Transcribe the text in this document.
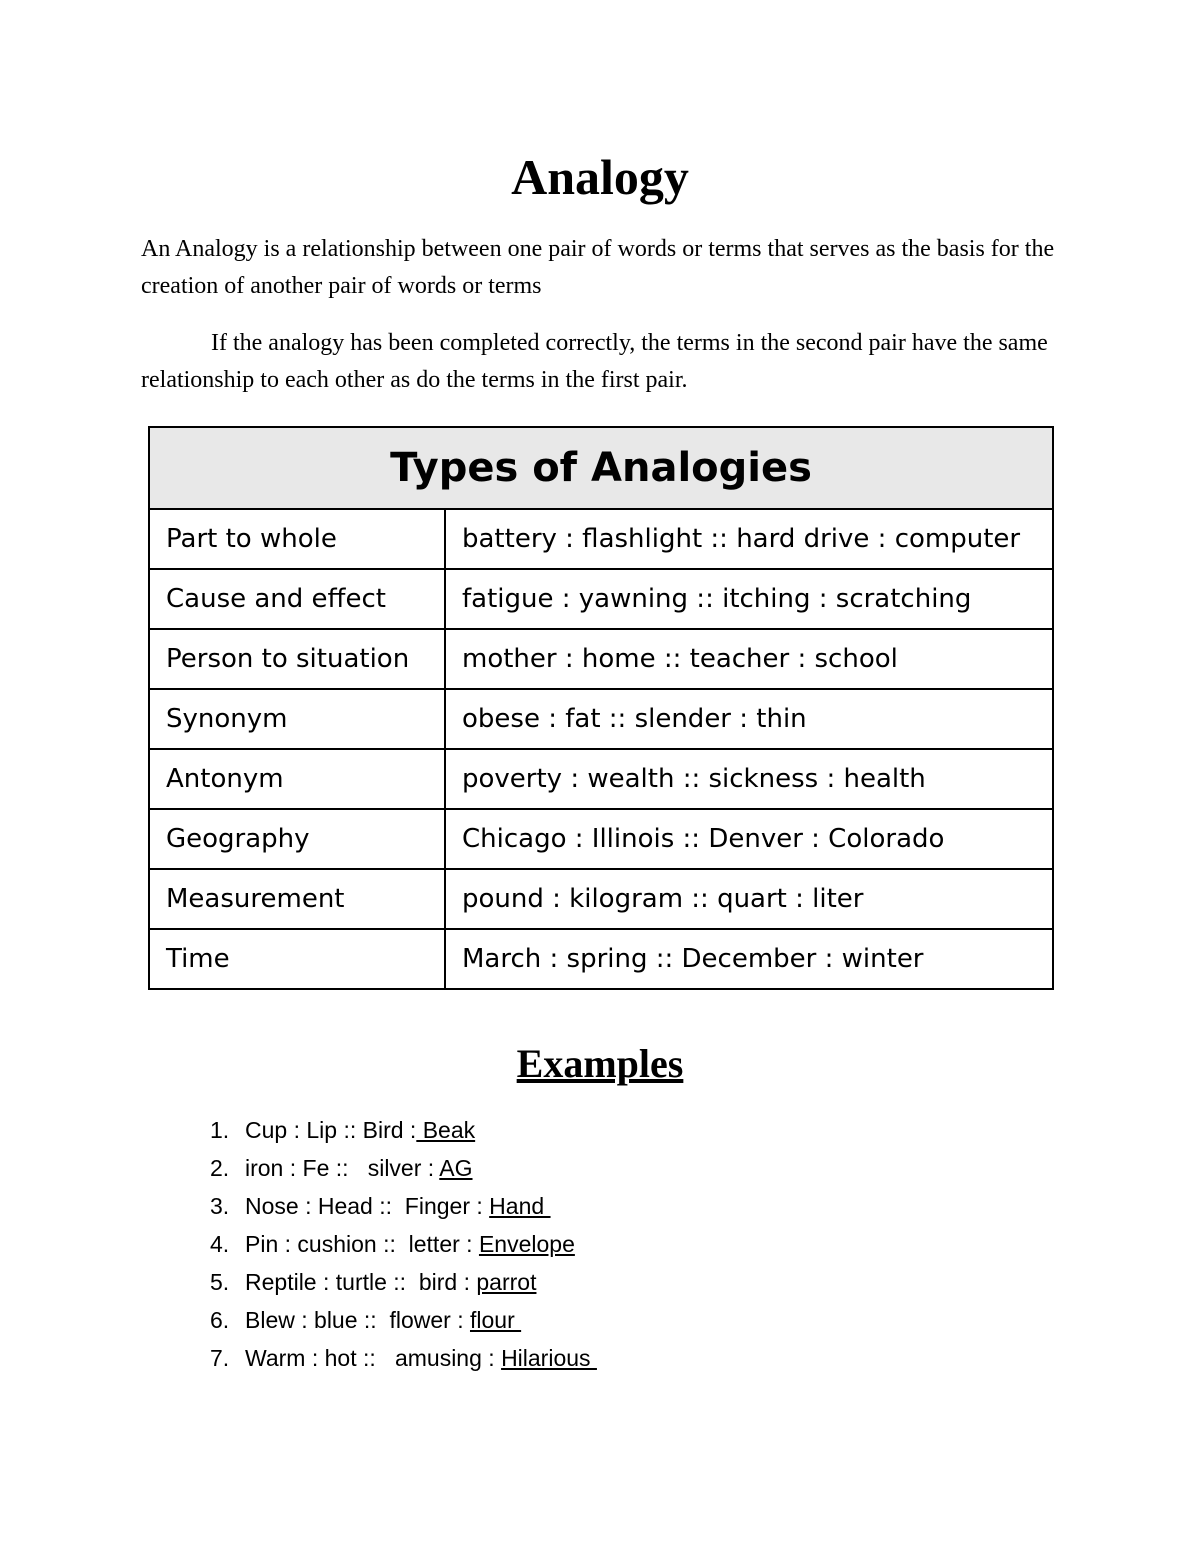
Analogy

An Analogy is a relationship between one pair of words or terms that serves as the basis for the creation of another pair of words or terms

If the analogy has been completed correctly, the terms in the second pair have the same relationship to each other as do the terms in the first pair.

Types of Analogies	
Part to whole	battery : flashlight :: hard drive : computer
Cause and effect	fatigue : yawning :: itching : scratching
Person to situation	mother : home :: teacher : school
Synonym	obese : fat :: slender : thin
Antonym	poverty : wealth :: sickness : health
Geography	Chicago : Illinois :: Denver : Colorado
Measurement	pound : kilogram :: quart : liter
Time	March : spring :: December : winter
Examples
1. Cup : Lip :: Bird : Beak
2. iron : Fe ::   silver : AG
3. Nose : Head ::  Finger : Hand
4. Pin : cushion ::  letter : Envelope
5. Reptile : turtle ::  bird : parrot
6. Blew : blue ::  flower : flour
7. Warm : hot ::   amusing : Hilarious
